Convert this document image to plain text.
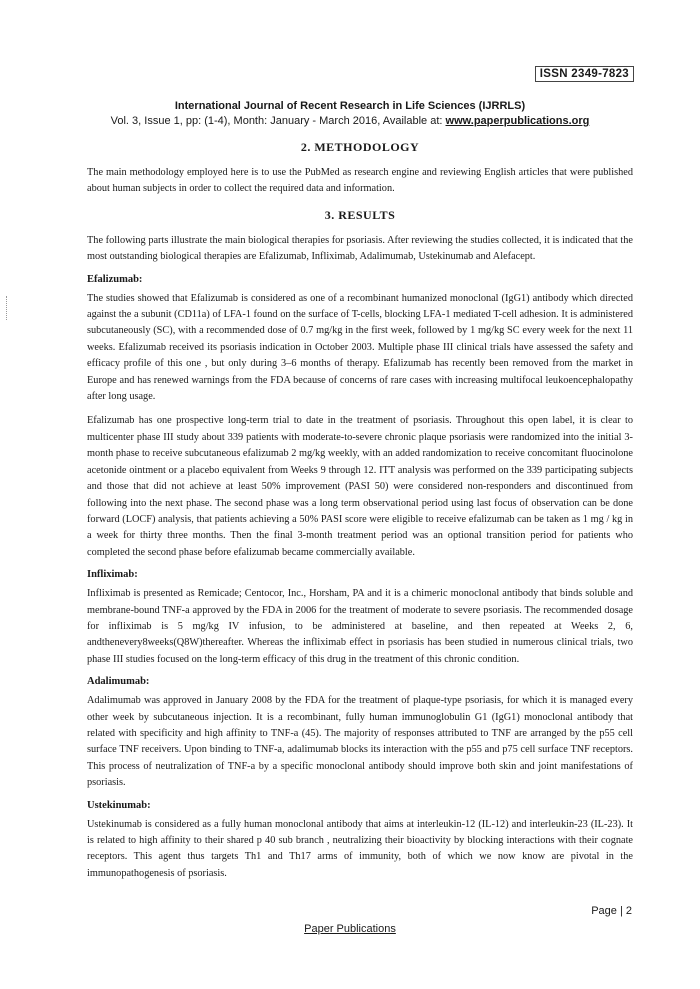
ISSN 2349-7823
International Journal of Recent Research in Life Sciences (IJRRLS)
Vol. 3, Issue 1, pp: (1-4), Month: January - March 2016, Available at: www.paperpublications.org
2. METHODOLOGY

The main methodology employed here is to use the PubMed as research engine and reviewing English articles that were published about human subjects in order to collect the required data and information.

3. RESULTS

The following parts illustrate the main biological therapies for psoriasis. After reviewing the studies collected, it is indicated that the most outstanding biological therapies are Efalizumab, Infliximab, Adalimumab, Ustekinumab and Alefacept.

Efalizumab:

The studies showed that Efalizumab is considered as one of a recombinant humanized monoclonal (IgG1) antibody which directed against the a subunit (CD11a) of LFA-1 found on the surface of T-cells, blocking LFA-1 mediated T-cell adhesion. It is administered subcutaneously (SC), with a recommended dose of 0.7 mg/kg in the first week, followed by 1 mg/kg SC every week for the next 11 weeks. Efalizumab received its psoriasis indication in October 2003. Multiple phase III clinical trials have assessed the safety and efficacy profile of this one , but only during 3–6 months of therapy. Efalizumab has recently been removed from the market in Europe and has renewed warnings from the FDA because of concerns of rare cases with increasing multifocal leukoencephalopathy after long usage.

Efalizumab has one prospective long-term trial to date in the treatment of psoriasis. Throughout this open label, it is clear to multicenter phase III study about 339 patients with moderate-to-severe chronic plaque psoriasis were randomized into the initial 3-month phase to receive subcutaneous efalizumab 2 mg/kg weekly, with an added randomization to receive concomitant fluocinolone acetonide ointment or a placebo equivalent from Weeks 9 through 12. ITT analysis was performed on the 339 participating subjects and those that did not achieve at least 50% improvement (PASI 50) were considered non-responders and discontinued from following into the next phase. The second phase was a long term observational period using last focus of observation can be done forward (LOCF) analysis, that patients achieving a 50% PASI score were eligible to receive efalizumab can be taken as 1 mg / kg in a week for thirty three months. Then the final 3-month treatment period was an optional transition period for patients who completed the second phase before efalizumab became commercially available.

Infliximab:

Infliximab is presented as Remicade; Centocor, Inc., Horsham, PA and it is a chimeric monoclonal antibody that binds soluble and membrane-bound TNF-a approved by the FDA in 2006 for the treatment of moderate to severe psoriasis. The recommended dosage for infliximab is 5 mg/kg IV infusion, to be administered at baseline, and then repeated at Weeks 2, 6, andthenevery8weeks(Q8W)thereafter. Whereas the infliximab effect in psoriasis has been studied in numerous clinical trials, two phase III studies focused on the long-term efficacy of this drug in the treatment of this chronic condition.

Adalimumab:

Adalimumab was approved in January 2008 by the FDA for the treatment of plaque-type psoriasis, for which it is managed every other week by subcutaneous injection. It is a recombinant, fully human immunoglobulin G1 (IgG1) monoclonal antibody that related with specificity and high affinity to TNF-a (45). The majority of responses attributed to TNF are arranged by the p55 cell surface TNF receivers. Upon binding to TNF-a, adalimumab blocks its interaction with the p55 and p75 cell surface TNF receptors. This process of neutralization of TNF-a by a specific monoclonal antibody should improve both skin and joint manifestations of psoriasis.

Ustekinumab:

Ustekinumab is considered as a fully human monoclonal antibody that aims at interleukin-12 (IL-12) and interleukin-23 (IL-23). It is related to high affinity to their shared p 40 sub branch , neutralizing their bioactivity by blocking interactions with their cognate receptors. This agent thus targets Th1 and Th17 arms of immunity, both of which we now know are pivotal in the immunopathogenesis of psoriasis.

Page | 2
Paper Publications
